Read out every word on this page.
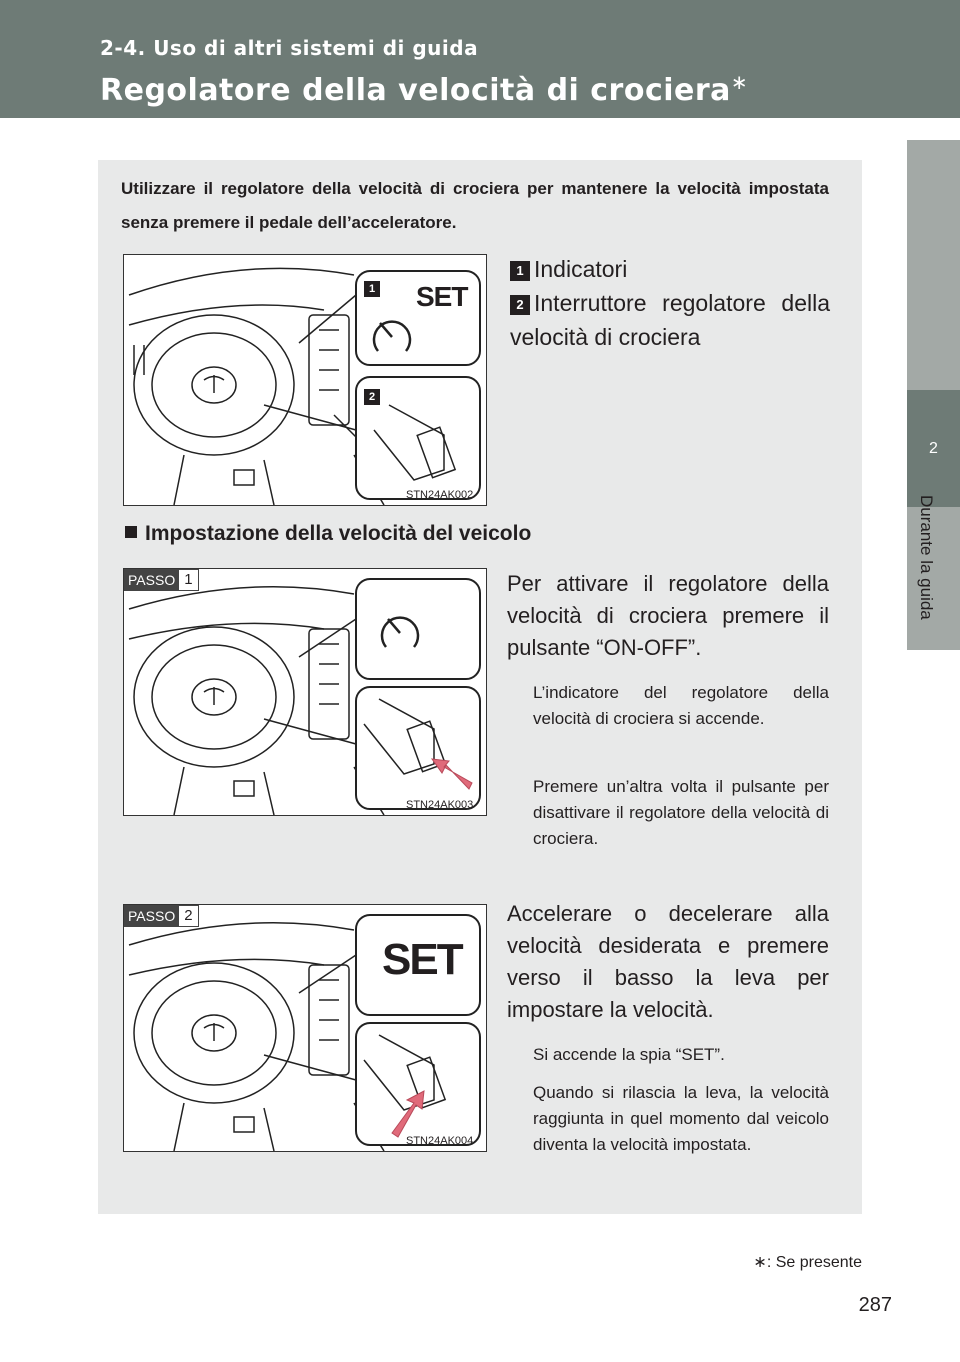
2-4. Uso di altri sistemi di guida
Regolatore della velocità di crociera∗
2
Durante la guida
Utilizzare il regolatore della velocità di crociera per mantenere la velocità impostata senza premere il pedale dell’acceleratore.
1
2
SET
STN24AK002
1 Indicatori
2 Interruttore regolatore della velocità di crociera
Impostazione della velocità del veicolo
PASSO 1
STN24AK003
Per attivare il regolatore della velocità di crociera premere il pulsante “ON-OFF”.
L’indicatore del regolatore della velocità di crociera si accende.
Premere un’altra volta il pulsante per disattivare il regolatore della velocità di crociera.
PASSO 2
SET
STN24AK004
Accelerare o decelerare alla velocità desiderata e premere verso il basso la leva per impostare la velocità.
Si accende la spia “SET”.
Quando si rilascia la leva, la velocità raggiunta in quel momento dal veicolo diventa la velocità impostata.
∗: Se presente
287
